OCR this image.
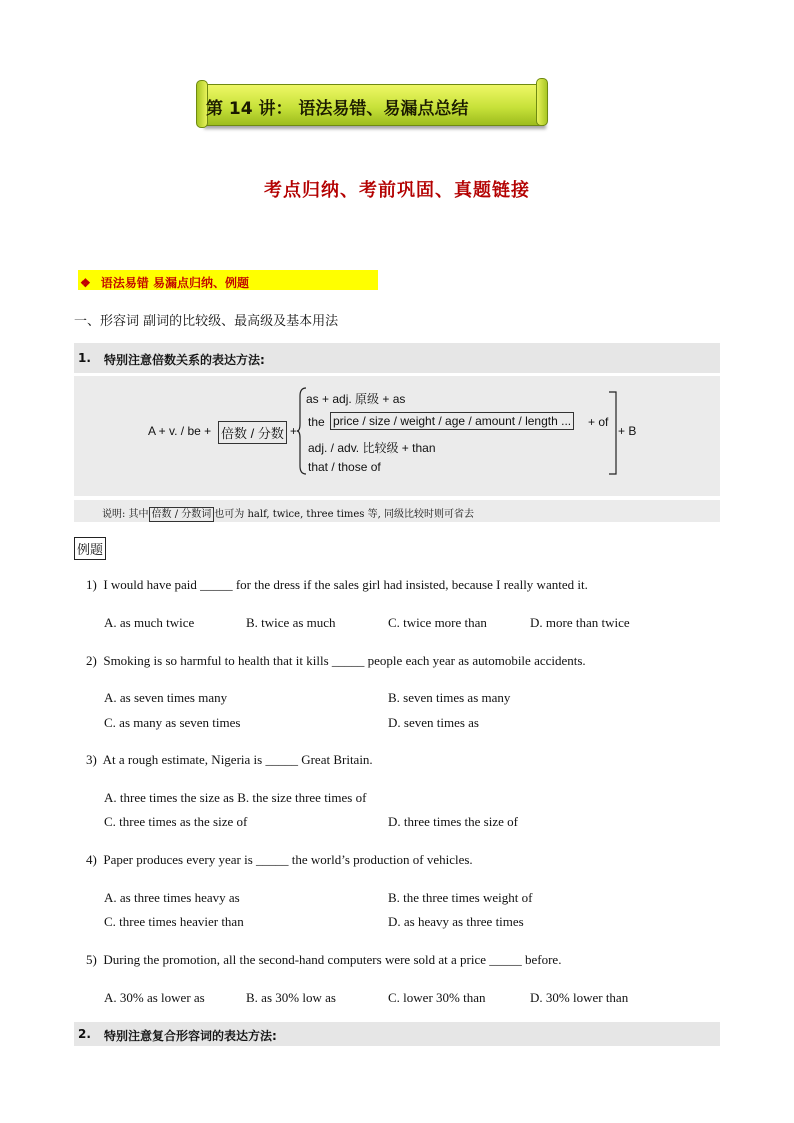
第 14 讲： 语法易错、易漏点总结
考点归纳、考前巩固、真题链接
❖ 语法易错 易漏点归纳、例题
一、形容词 副词的比较级、最高级及基本用法
1. 特别注意倍数关系的表达方法:
A + v. / be + 倍数 / 分数 +
as + adj. 原级 + as
the price / size / weight / age / amount / length ... + of
adj. / adv. 比较级 + than
that / those of
+ B
说明: 其中 倍数 / 分数词 也可为 half, twice, three times 等, 同级比较时则可省去
例题
1) I would have paid _____ for the dress if the sales girl had insisted, because I really wanted it.
A. as much twice	B. twice as much	C. twice more than	D. more than twice
2) Smoking is so harmful to health that it kills _____ people each year as automobile accidents.
A. as seven times many	B. seven times as many
C. as many as seven times	D. seven times as
3) At a rough estimate, Nigeria is _____ Great Britain.
A. three times the size as B. the size three times of
C. three times as the size of	D. three times the size of
4) Paper produces every year is _____ the world’s production of vehicles.
A. as three times heavy as	B. the three times weight of
C. three times heavier than	D. as heavy as three times
5) During the promotion, all the second-hand computers were sold at a price _____ before.
A. 30% as lower as	B. as 30% low as	C. lower 30% than	D. 30% lower than
2. 特别注意复合形容词的表达方法:
